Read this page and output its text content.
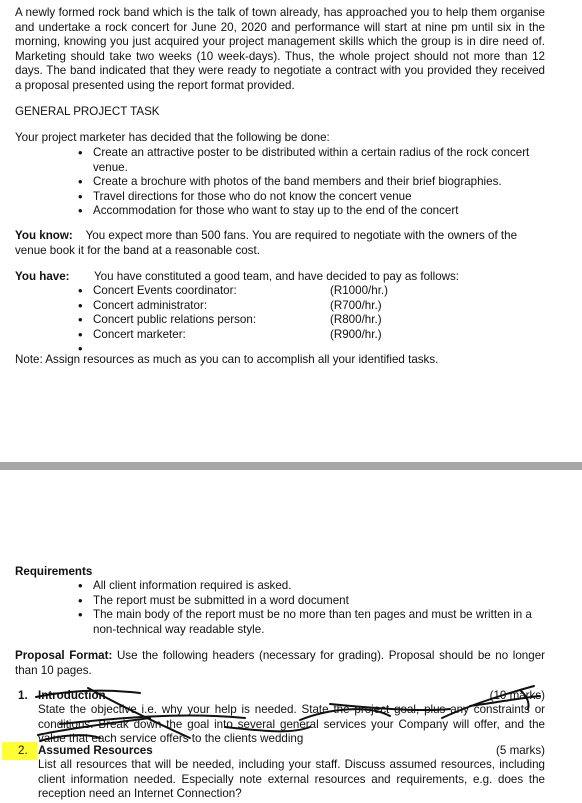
A newly formed rock band which is the talk of town already, has approached you to help them organise and undertake a rock concert for June 20, 2020 and performance will start at nine pm until six in the morning, knowing you just acquired your project management skills which the group is in dire need of. Marketing should take two weeks (10 week-days). Thus, the whole project should not more than 12 days. The band indicated that they were ready to negotiate a contract with you provided they received a proposal presented using the report format provided.

GENERAL PROJECT TASK

Your project marketer has decided that the following be done:

• Create an attractive poster to be distributed within a certain radius of the rock concert venue.
• Create a brochure with photos of the band members and their brief biographies.
• Travel directions for those who do not know the concert venue
• Accommodation for those who want to stay up to the end of the concert

You know: You expect more than 500 fans. You are required to negotiate with the owners of the venue book it for the band at a reasonable cost.

You have: You have constituted a good team, and have decided to pay as follows:

• Concert Events coordinator:	(R1000/hr.)
• Concert administrator:	(R700/hr.)
• Concert public relations person:	(R800/hr.)
• Concert marketer:	(R900/hr.)
•

Note: Assign resources as much as you can to accomplish all your identified tasks.

Requirements

• All client information required is asked.
• The report must be submitted in a word document
• The main body of the report must be no more than ten pages and must be written in a non-technical way readable style.

Proposal Format: Use the following headers (necessary for grading). Proposal should be no longer than 10 pages.

1. Introduction	(10 marks)

State the objective i.e. why your help is needed. State the project goal, plus any constraints or conditions. Break down the goal into several general services your Company will offer, and the value that each service offers to the clients wedding

2. Assumed Resources	(5 marks)

List all resources that will be needed, including your staff. Discuss assumed resources, including client information needed. Especially note external resources and requirements, e.g. does the reception need an Internet Connection?
